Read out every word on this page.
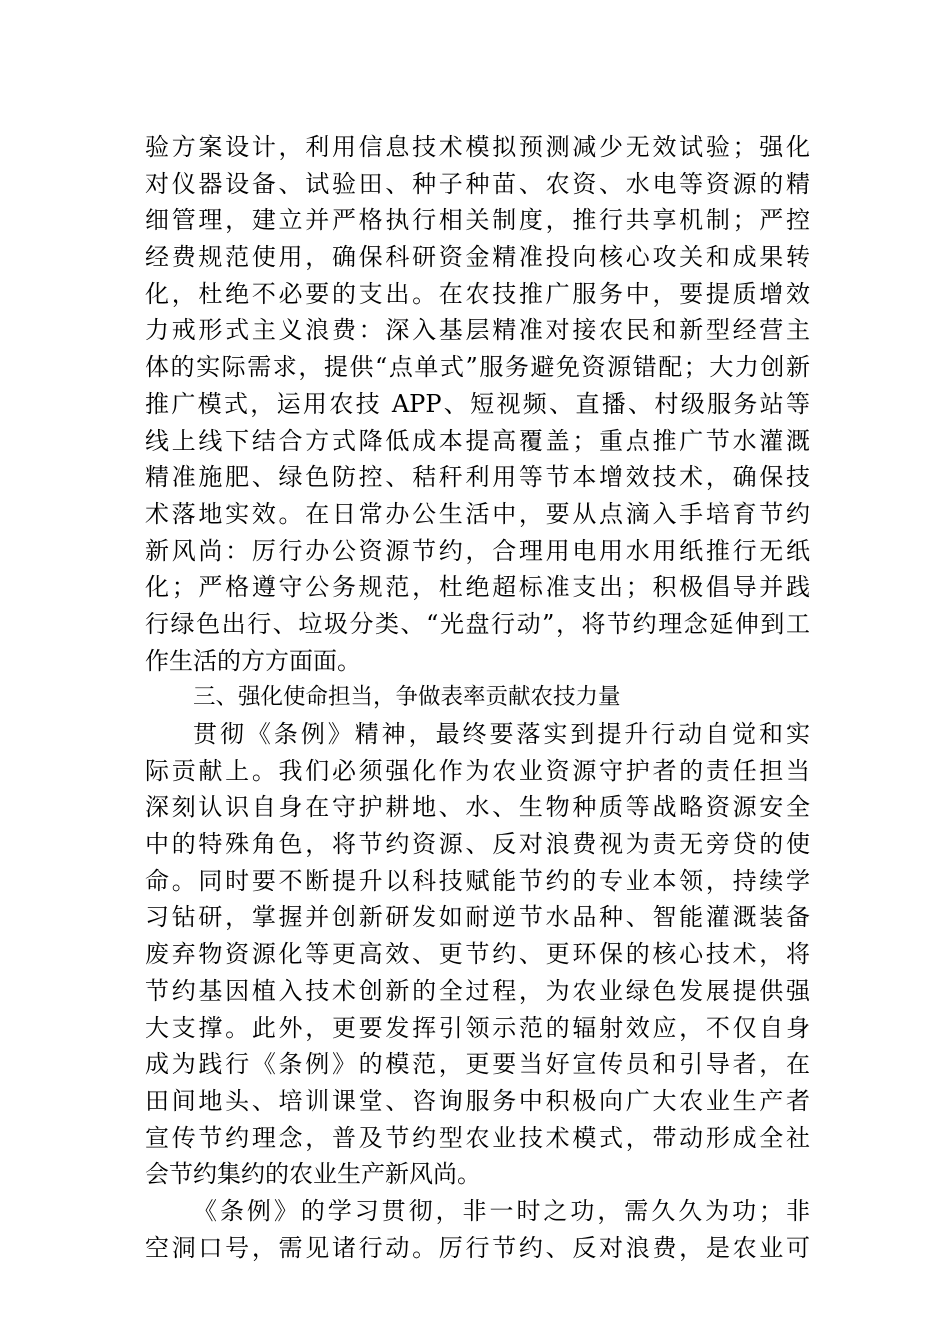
验方案设计，利用信息技术模拟预测减少无效试验；强化
对仪器设备、试验田、种子种苗、农资、水电等资源的精
细管理，建立并严格执行相关制度，推行共享机制；严控
经费规范使用，确保科研资金精准投向核心攻关和成果转
化，杜绝不必要的支出。在农技推广服务中，要提质增效
力戒形式主义浪费：深入基层精准对接农民和新型经营主
体的实际需求，提供“点单式”服务避免资源错配；大力创新
推广模式，运用农技 APP、短视频、直播、村级服务站等
线上线下结合方式降低成本提高覆盖；重点推广节水灌溉
精准施肥、绿色防控、秸秆利用等节本增效技术，确保技
术落地实效。在日常办公生活中，要从点滴入手培育节约
新风尚：厉行办公资源节约，合理用电用水用纸推行无纸
化；严格遵守公务规范，杜绝超标准支出；积极倡导并践
行绿色出行、垃圾分类、“光盘行动”，将节约理念延伸到工
作生活的方方面面。
三、强化使命担当，争做表率贡献农技力量
贯彻《条例》精神，最终要落实到提升行动自觉和实
际贡献上。我们必须强化作为农业资源守护者的责任担当
深刻认识自身在守护耕地、水、生物种质等战略资源安全
中的特殊角色，将节约资源、反对浪费视为责无旁贷的使
命。同时要不断提升以科技赋能节约的专业本领，持续学
习钻研，掌握并创新研发如耐逆节水品种、智能灌溉装备
废弃物资源化等更高效、更节约、更环保的核心技术，将
节约基因植入技术创新的全过程，为农业绿色发展提供强
大支撑。此外，更要发挥引领示范的辐射效应，不仅自身
成为践行《条例》的模范，更要当好宣传员和引导者，在
田间地头、培训课堂、咨询服务中积极向广大农业生产者
宣传节约理念，普及节约型农业技术模式，带动形成全社
会节约集约的农业生产新风尚。
《条例》的学习贯彻，非一时之功，需久久为功；非
空洞口号，需见诸行动。厉行节约、反对浪费，是农业可
